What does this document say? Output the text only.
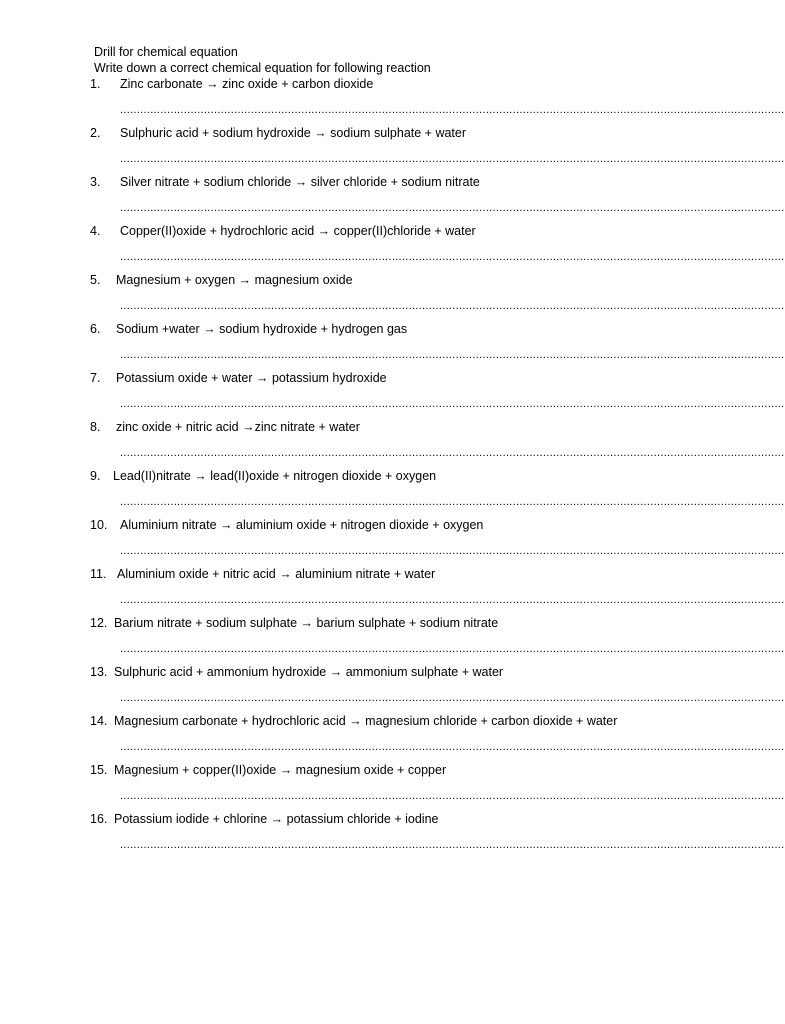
Drill for chemical equation
Write down a correct chemical equation for following reaction
1. Zinc carbonate → zinc oxide + carbon dioxide
......................................................................................................................................................................................................
2. Sulphuric acid + sodium hydroxide → sodium sulphate + water
......................................................................................................................................................................................................
3. Silver nitrate + sodium chloride → silver chloride + sodium nitrate
......................................................................................................................................................................................................
4. Copper(II)oxide + hydrochloric acid → copper(II)chloride + water
......................................................................................................................................................................................................
5. Magnesium + oxygen → magnesium oxide
......................................................................................................................................................................................................
6. Sodium +water → sodium hydroxide + hydrogen gas
......................................................................................................................................................................................................
7. Potassium oxide + water → potassium hydroxide
......................................................................................................................................................................................................
8. zinc oxide + nitric acid →zinc nitrate + water
......................................................................................................................................................................................................
9. Lead(II)nitrate → lead(II)oxide + nitrogen dioxide + oxygen
......................................................................................................................................................................................................
10. Aluminium nitrate → aluminium oxide + nitrogen dioxide + oxygen
......................................................................................................................................................................................................
11. Aluminium oxide + nitric acid → aluminium nitrate + water
......................................................................................................................................................................................................
12. Barium nitrate + sodium sulphate → barium sulphate + sodium nitrate
......................................................................................................................................................................................................
13. Sulphuric acid + ammonium hydroxide → ammonium sulphate + water
......................................................................................................................................................................................................
14. Magnesium carbonate + hydrochloric acid → magnesium chloride + carbon dioxide + water
......................................................................................................................................................................................................
15. Magnesium + copper(II)oxide → magnesium oxide + copper
......................................................................................................................................................................................................
16. Potassium iodide + chlorine → potassium chloride + iodine
......................................................................................................................................................................................................
